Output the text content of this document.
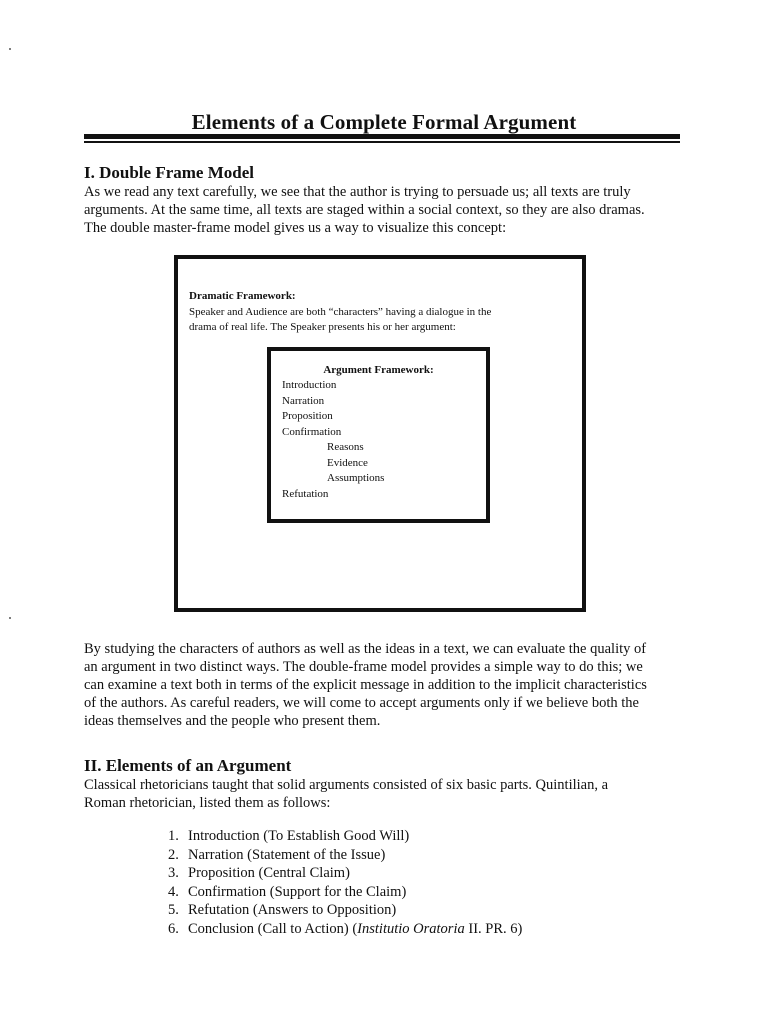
Elements of a Complete Formal Argument
I. Double Frame Model

As we read any text carefully, we see that the author is trying to persuade us; all texts are truly
arguments. At the same time, all texts are staged within a social context, so they are also dramas.
The double master-frame model gives us a way to visualize this concept:

Dramatic Framework:
Speaker and Audience are both “characters” having a dialogue in the
drama of real life. The Speaker presents his or her argument:
Argument Framework:
Introduction
Narration
Proposition
Confirmation
Reasons
Evidence
Assumptions
Refutation

By studying the characters of authors as well as the ideas in a text, we can evaluate the quality of
an argument in two distinct ways. The double-frame model provides a simple way to do this; we
can examine a text both in terms of the explicit message in addition to the implicit characteristics
of the authors. As careful readers, we will come to accept arguments only if we believe both the
ideas themselves and the people who present them.

II. Elements of an Argument

Classical rhetoricians taught that solid arguments consisted of six basic parts. Quintilian, a
Roman rhetorician, listed them as follows:

1. Introduction (To Establish Good Will)
2. Narration (Statement of the Issue)
3. Proposition (Central Claim)
4. Confirmation (Support for the Claim)
5. Refutation (Answers to Opposition)
6. Conclusion (Call to Action) (Institutio Oratoria II. PR. 6)
